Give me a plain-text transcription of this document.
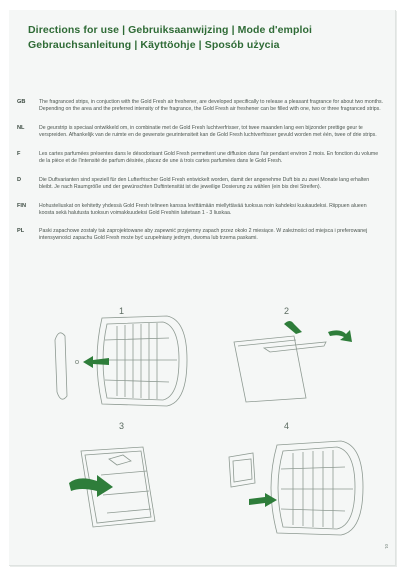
Directions for use | Gebruiksaanwijzing | Mode d'emploi
Gebrauchsanleitung | Käyttöohje | Sposób użycia
GB	The fragranced strips, in conjuction with the Gold Fresh air freshener, are developed specifically to release a pleasant fragrance for about two months. Depending on the area and the preferred intensity of the fragrance, the Gold Fresh air freshener can be filled with one, two or three fragranced strips.
NL	De geurstrip is speciaal ontwikkeld om, in combinatie met de Gold Fresh luchtverfrisser, tot twee maanden lang een bijzonder prettige geur te verspreiden. Afhankelijk van de ruimte en de gewenste geurintensiteit kan de Gold Fresh luchtverfrisser gevuld worden met één, twee of drie strips.
F	Les cartes parfumées présentes dans le désodorisant Gold Fresh permettent une diffusion dans l'air pendant environ 2 mois. En fonction du volume de la pièce et de l'intensité de parfum désirée, placez de une à trois cartes parfumées dans le Gold Fresh.
D	Die Duftvarianten sind speziell für den Lufterfrischer Gold Fresh entwickelt worden, damit der angenehme Duft bis zu zwei Monate lang erhalten bleibt. Je nach Raumgröße und der gewünschten Duftintensität ist die jeweilige Dosierung zu wählen (ein bis drei Streifen).
FIN Hohusteliuskat on kehitetty yhdessä Gold Fresh telineen kanssa levittämään miellyttävää tuoksua noin kahdeksi kuukaudeksi. Riippuen alueen koosta sekä halutusta tuoksun voimakkuudeksi Gold Freshiin laitetaan 1 - 3 liuskaa.
PL	Paski zapachowe zostały tak zaprojektowane aby zapewnić przyjemny zapach przez około 2 miesiące. W zależności od miejsca i preferowanej intensywności zapachu Gold Fresh może być uzupełniany jednym, dwoma lub trzema paskami.
1	2
3	4
01
